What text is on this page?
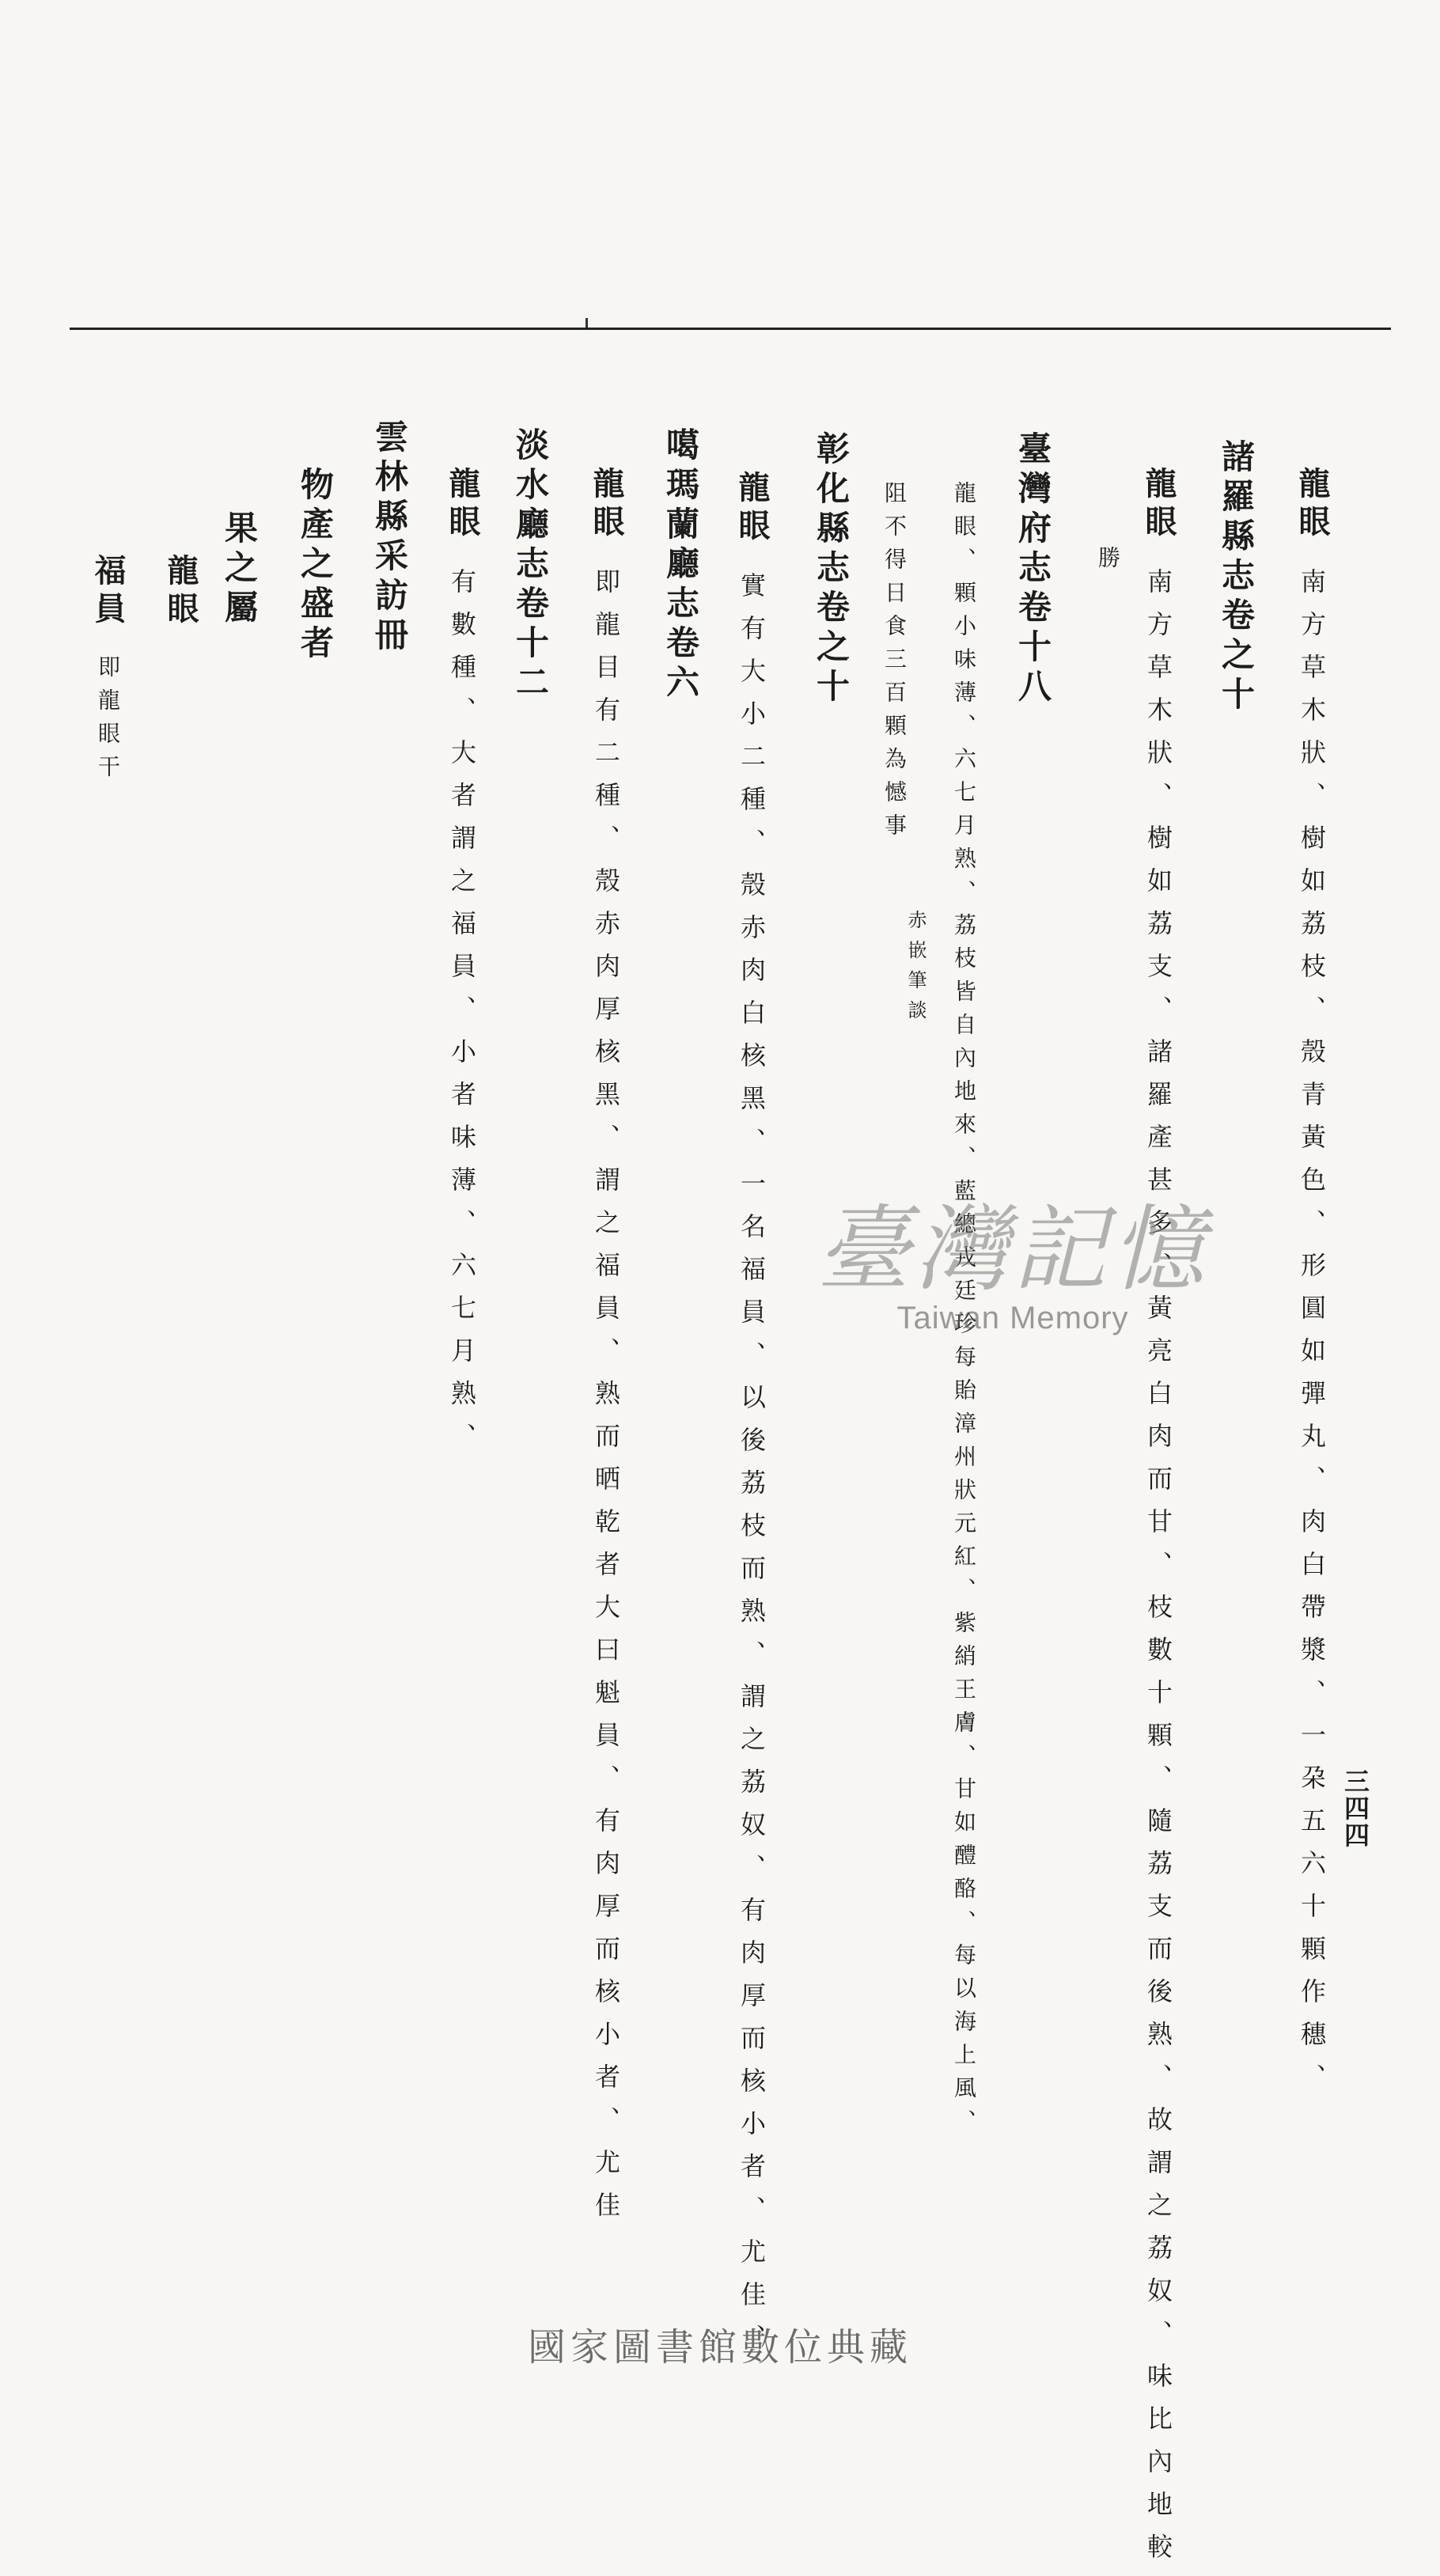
三四四
龍眼南方草木狀、樹如荔枝、殼青黃色、形圓如彈丸、肉白帶漿、一朶五六十顆作穗、
諸羅縣志卷之十
龍眼南方草木狀、樹如荔支、諸羅產甚多、黃亮白肉而甘、枝數十顆、隨荔支而後熟、故謂之荔奴、味比內地較
勝
臺灣府志卷十八
龍眼、顆小味薄、六七月熟、荔枝皆自內地來、藍總戎廷珍每貽漳州狀元紅、紫綃王膚、甘如醴酪、每以海上風、
阻不得日食三百顆為憾事
赤嵌筆談
彰化縣志卷之十
龍眼實有大小二種、殼赤肉白核黑、一名福員、以後荔枝而熟、謂之荔奴、有肉厚而核小者、尤佳、
噶瑪蘭廳志卷六
龍眼即龍目有二種、殼赤肉厚核黑、謂之福員、熟而晒乾者大曰魁員、有肉厚而核小者、尤佳
淡水廳志卷十二
龍眼有數種、大者謂之福員、小者味薄、六七月熟、
雲林縣采訪冊
物產之盛者
果之屬
龍眼
福員即龍眼干
臺灣記憶
Taiwan Memory
國家圖書館數位典藏
